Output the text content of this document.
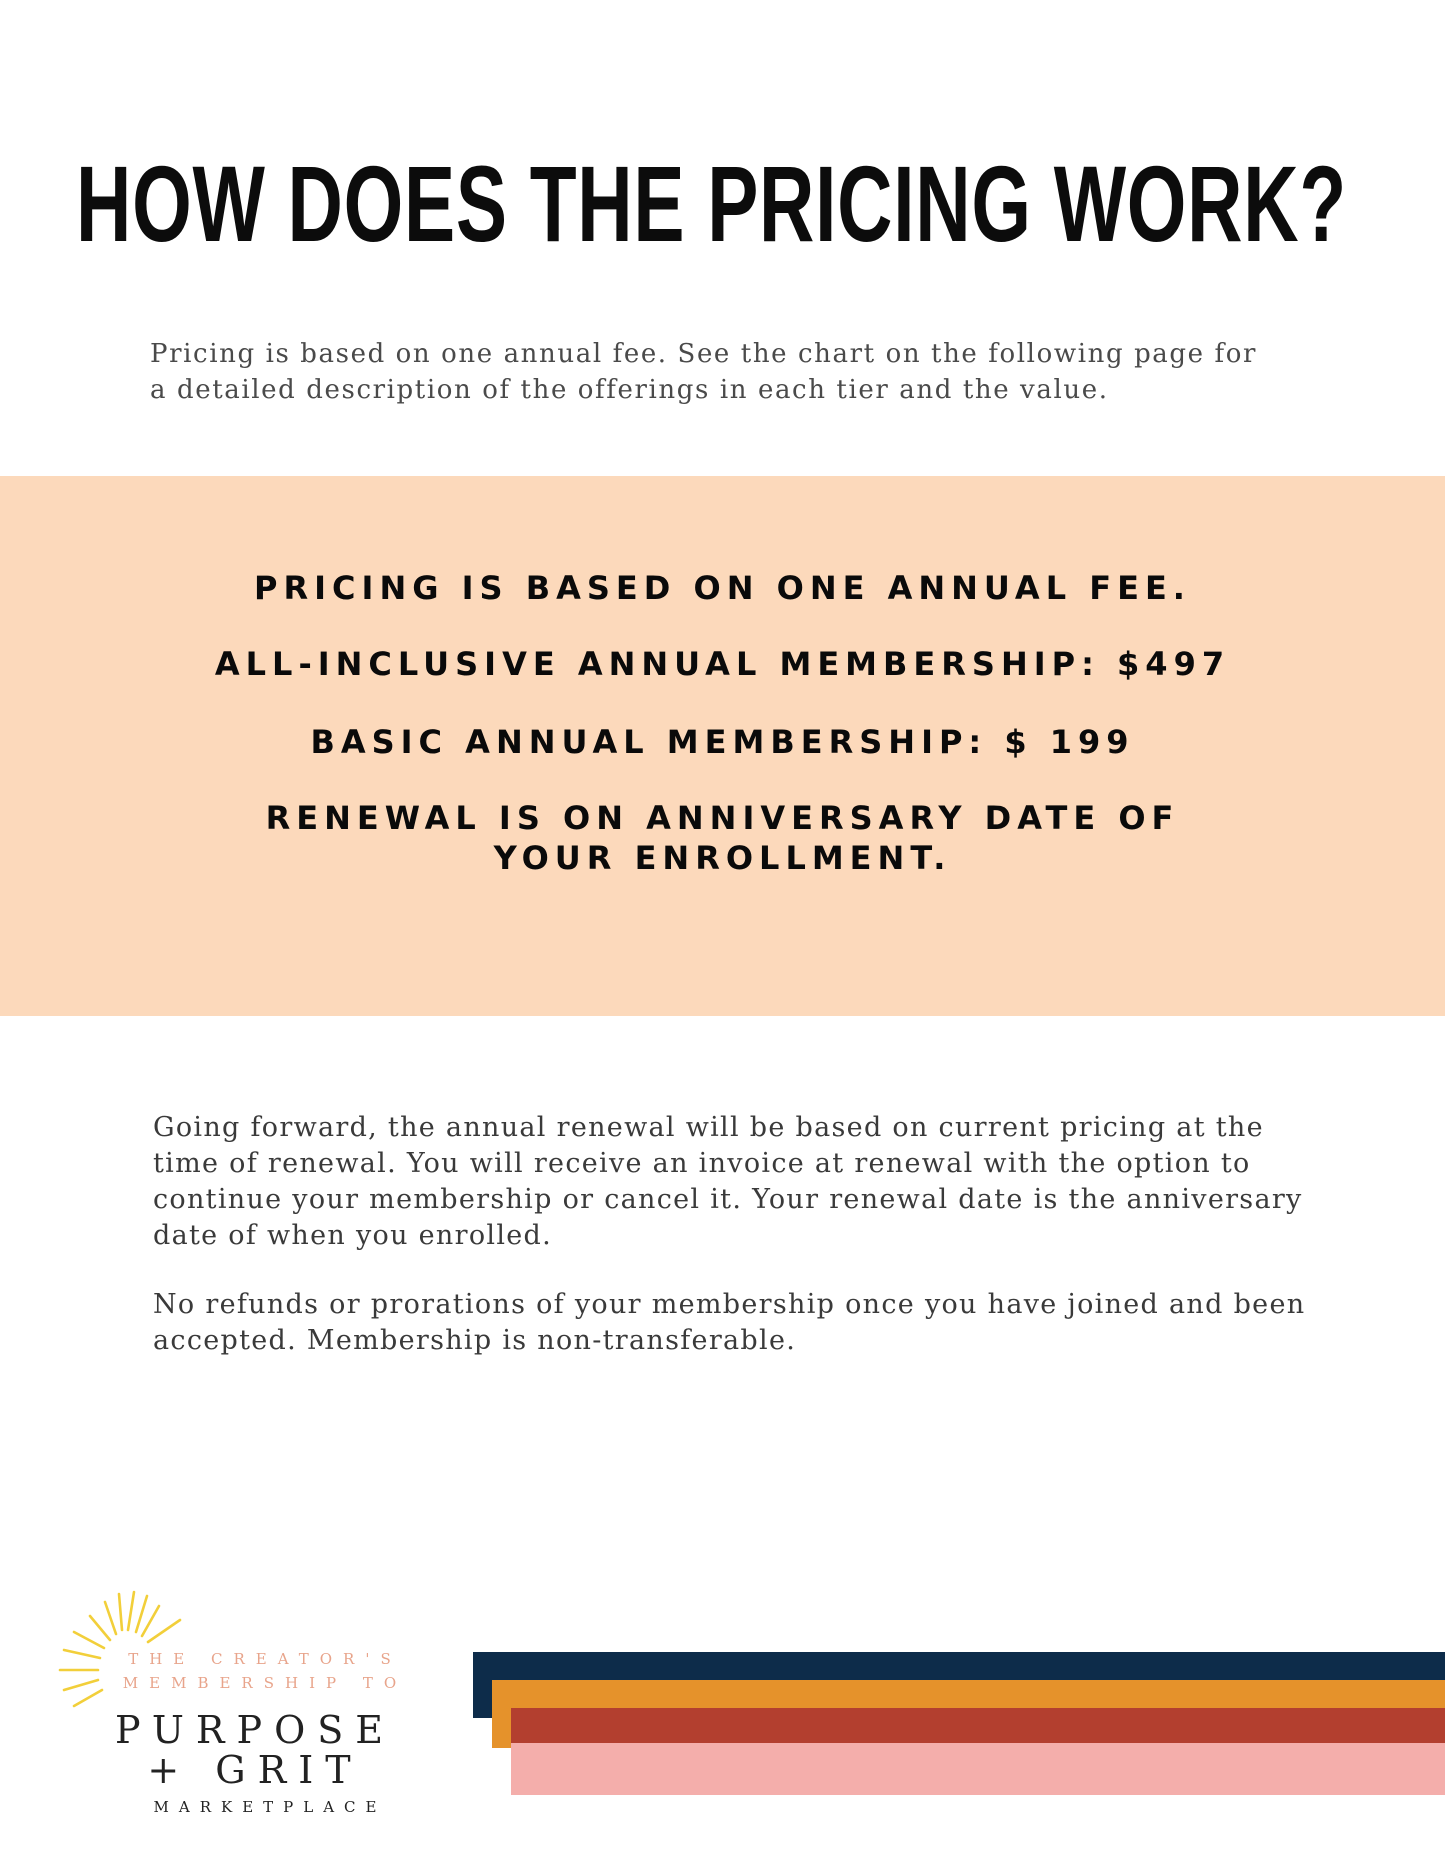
HOW DOES THE PRICING WORK?

Pricing is based on one annual fee. See the chart on the following page for a detailed description of the offerings in each tier and the value.

PRICING IS BASED ON ONE ANNUAL FEE.

ALL-INCLUSIVE ANNUAL MEMBERSHIP: $497

BASIC ANNUAL MEMBERSHIP: $ 199

RENEWAL IS ON ANNIVERSARY DATE OF

YOUR ENROLLMENT.

Going forward, the annual renewal will be based on current pricing at the time of renewal. You will receive an invoice at renewal with the option to continue your membership or cancel it. Your renewal date is the anniversary date of when you enrolled.

No refunds or prorations of your membership once you have joined and been accepted. Membership is non-transferable.

THE CREATOR'S

MEMBERSHIP TO

PURPOSE

+ GRIT

MARKETPLACE
